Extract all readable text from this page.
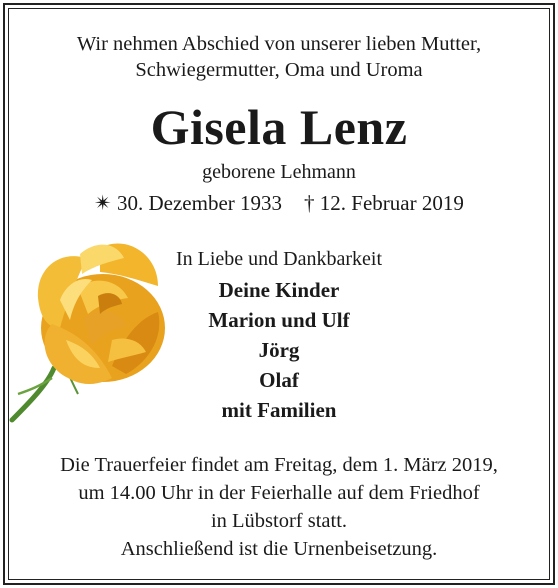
Wir nehmen Abschied von unserer lieben Mutter,
Schwiegermutter, Oma und Uroma
Gisela Lenz
geborene Lehmann
✴ 30. Dezember 1933 † 12. Februar 2019
In Liebe und Dankbarkeit
Deine Kinder
Marion und Ulf
Jörg
Olaf
mit Familien
Die Trauerfeier findet am Freitag, dem 1. März 2019,
um 14.00 Uhr in der Feierhalle auf dem Friedhof
in Lübstorf statt.
Anschließend ist die Urnenbeisetzung.
